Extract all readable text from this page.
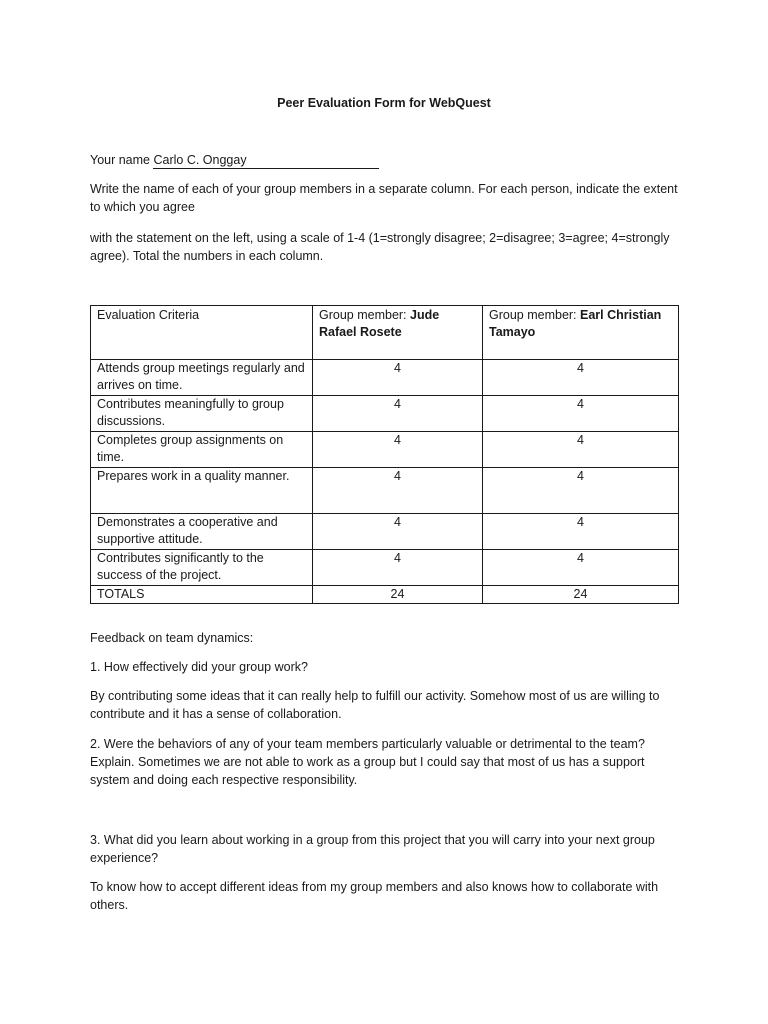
Peer Evaluation Form for WebQuest

Your name Carlo C. Onggay

Write the name of each of your group members in a separate column. For each person, indicate the extent to which you agree

with the statement on the left, using a scale of 1-4 (1=strongly disagree; 2=disagree; 3=agree; 4=strongly agree). Total the numbers in each column.

Evaluation Criteria	Group member: Jude Rafael Rosete	Group member: Earl Christian Tamayo
Attends group meetings regularly and arrives on time.	4	4
Contributes meaningfully to group discussions.	4	4
Completes group assignments on time.	4	4
Prepares work in a quality manner.	4	4
Demonstrates a cooperative and supportive attitude.	4	4
Contributes significantly to the success of the project.	4	4
TOTALS	24	24

Feedback on team dynamics:

1. How effectively did your group work?

By contributing some ideas that it can really help to fulfill our activity. Somehow most of us are willing to contribute and it has a sense of collaboration.

2. Were the behaviors of any of your team members particularly valuable or detrimental to the team? Explain. Sometimes we are not able to work as a group but I could say that most of us has a support system and doing each respective responsibility.

3. What did you learn about working in a group from this project that you will carry into your next group experience?

To know how to accept different ideas from my group members and also knows how to collaborate with others.
